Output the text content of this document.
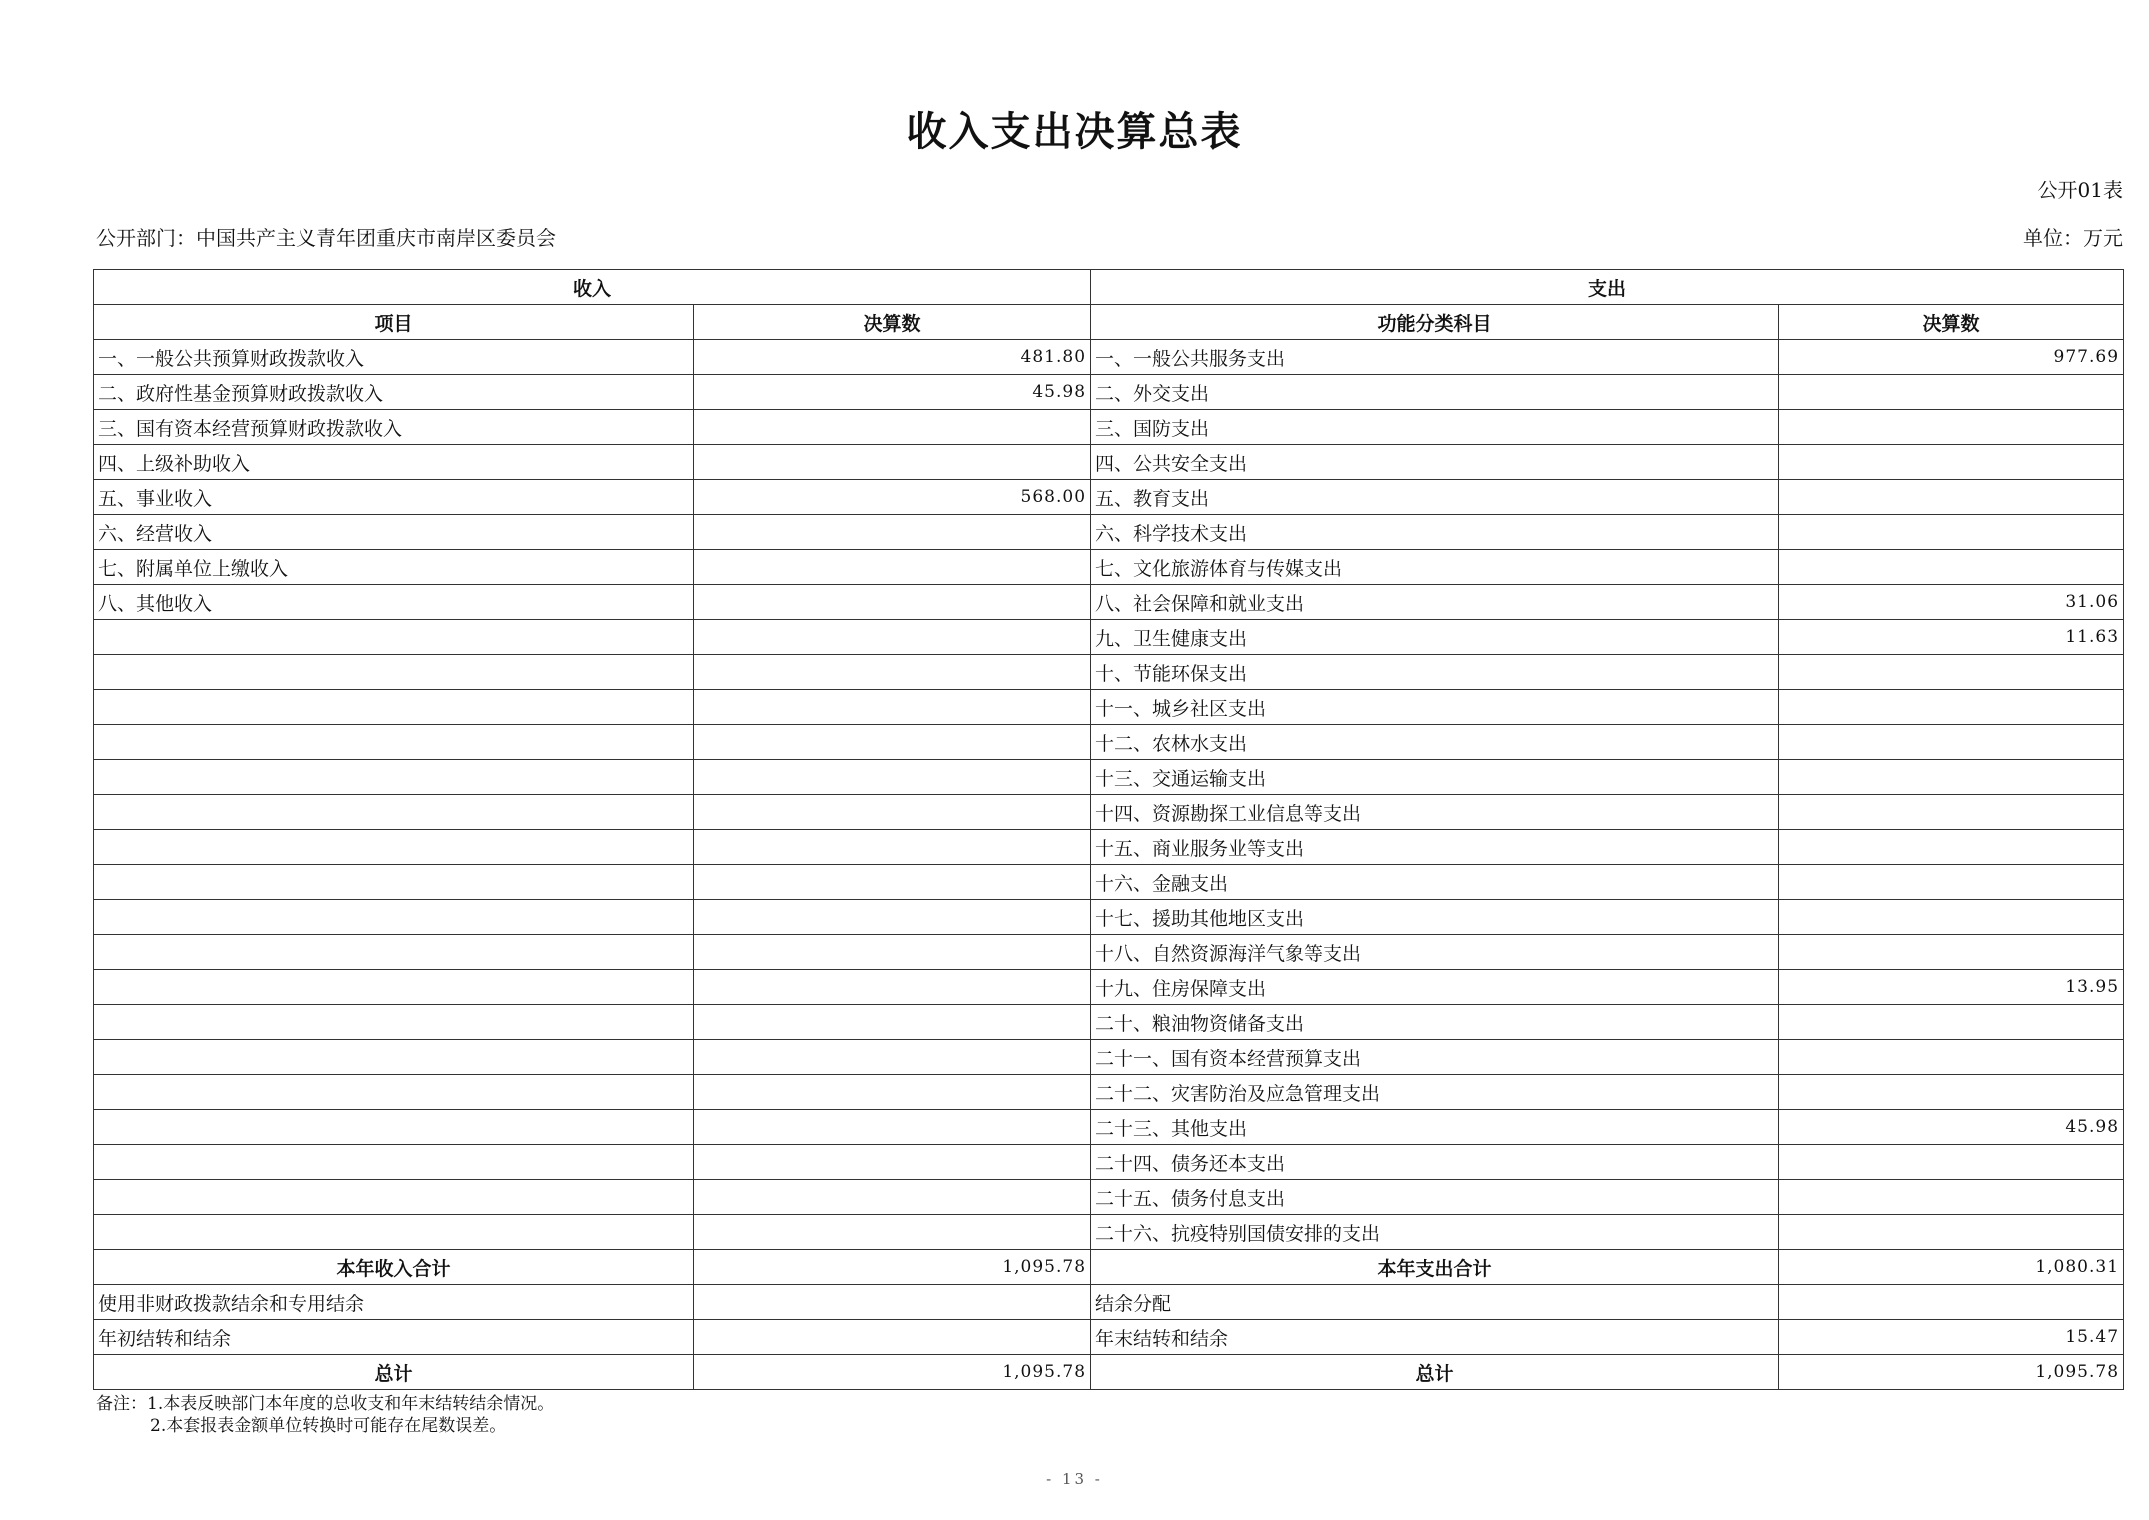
收入支出决算总表
公开01表
公开部门：中国共产主义青年团重庆市南岸区委员会	单位：万元
收入		支出	
项目	决算数	功能分类科目	决算数
一、一般公共预算财政拨款收入	481.80	一、一般公共服务支出	977.69
二、政府性基金预算财政拨款收入	45.98	二、外交支出	
三、国有资本经营预算财政拨款收入		三、国防支出	
四、上级补助收入		四、公共安全支出	
五、事业收入	568.00	五、教育支出	
六、经营收入		六、科学技术支出	
七、附属单位上缴收入		七、文化旅游体育与传媒支出	
八、其他收入		八、社会保障和就业支出	31.06
		九、卫生健康支出	11.63
		十、节能环保支出	
		十一、城乡社区支出	
		十二、农林水支出	
		十三、交通运输支出	
		十四、资源勘探工业信息等支出	
		十五、商业服务业等支出	
		十六、金融支出	
		十七、援助其他地区支出	
		十八、自然资源海洋气象等支出	
		十九、住房保障支出	13.95
		二十、粮油物资储备支出	
		二十一、国有资本经营预算支出	
		二十二、灾害防治及应急管理支出	
		二十三、其他支出	45.98
		二十四、债务还本支出	
		二十五、债务付息支出	
		二十六、抗疫特别国债安排的支出	
本年收入合计	1,095.78	本年支出合计	1,080.31
使用非财政拨款结余和专用结余		结余分配	
年初结转和结余		年末结转和结余	15.47
总计	1,095.78	总计	1,095.78
备注：1.本表反映部门本年度的总收支和年末结转结余情况。
2.本套报表金额单位转换时可能存在尾数误差。
- 13 -
